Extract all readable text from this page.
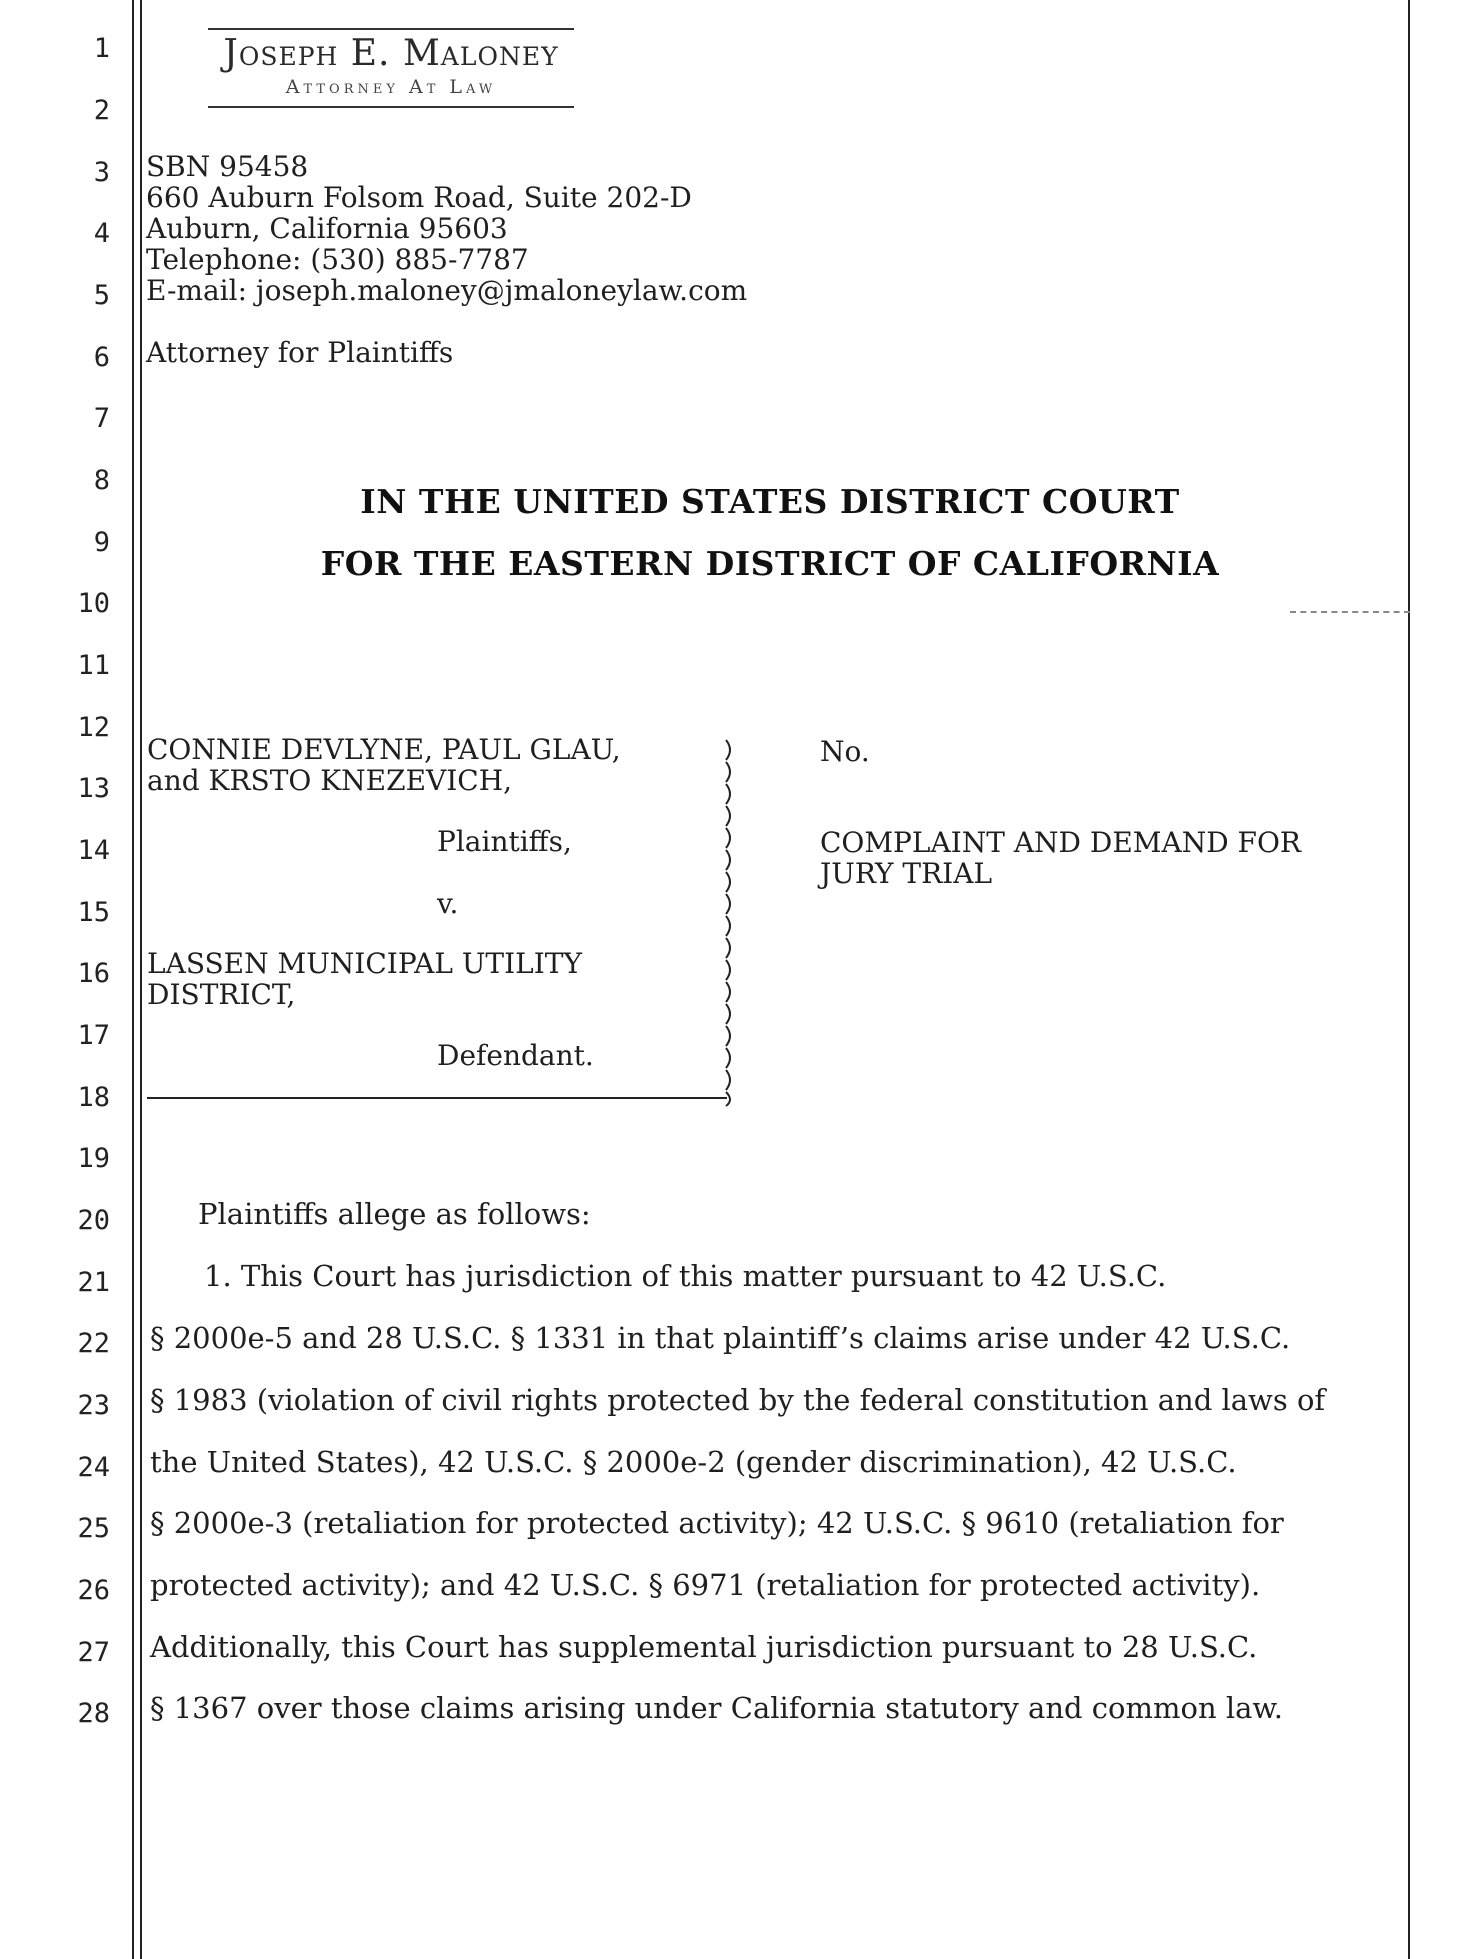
1
2
3
4
5
6
7
8
9
10
11
12
13
14
15
16
17
18
19
20
21
22
23
24
25
26
27
28
Joseph E. Maloney
Attorney At Law
SBN 95458
660 Auburn Folsom Road, Suite 202-D
Auburn, California 95603
Telephone: (530) 885-7787
E-mail: joseph.maloney@jmaloneylaw.com
Attorney for Plaintiffs
IN THE UNITED STATES DISTRICT COURT
FOR THE EASTERN DISTRICT OF CALIFORNIA
CONNIE DEVLYNE, PAUL GLAU,
and KRSTO KNEZEVICH,
Plaintiffs,
v.
LASSEN MUNICIPAL UTILITY
DISTRICT,
Defendant.
No.
COMPLAINT AND DEMAND FOR
JURY TRIAL
Plaintiffs allege as follows:
1. This Court has jurisdiction of this matter pursuant to 42 U.S.C.
§ 2000e-5 and 28 U.S.C. § 1331 in that plaintiff’s claims arise under 42 U.S.C.
§ 1983 (violation of civil rights protected by the federal constitution and laws of
the United States), 42 U.S.C. § 2000e-2 (gender discrimination), 42 U.S.C.
§ 2000e-3 (retaliation for protected activity); 42 U.S.C. § 9610 (retaliation for
protected activity); and 42 U.S.C. § 6971 (retaliation for protected activity).
Additionally, this Court has supplemental jurisdiction pursuant to 28 U.S.C.
§ 1367 over those claims arising under California statutory and common law.
